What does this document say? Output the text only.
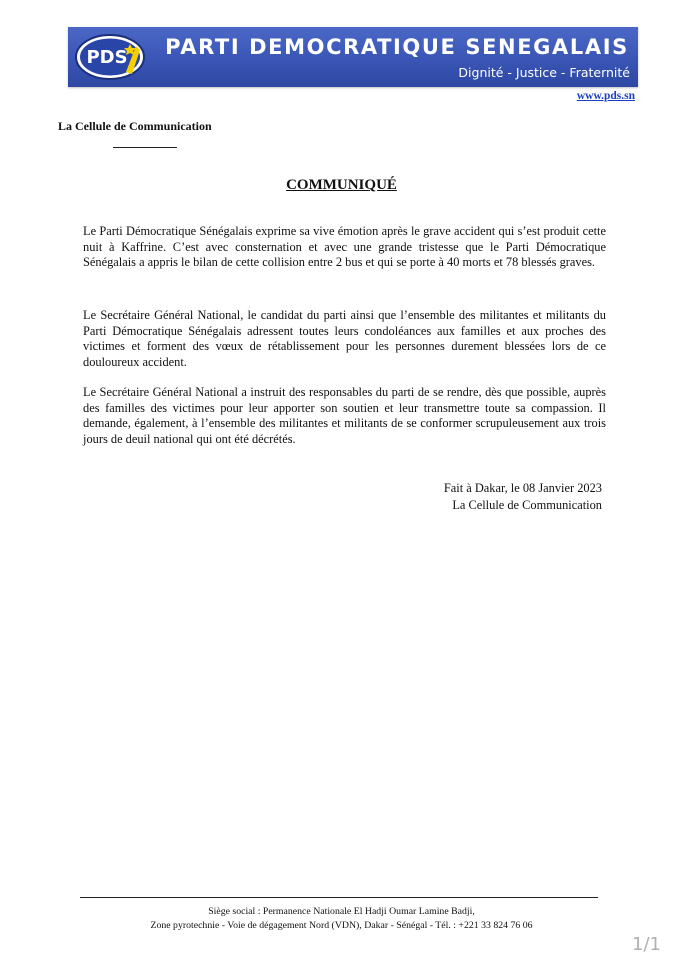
PDS PARTI DEMOCRATIQUE SENEGALAIS
Dignité - Justice - Fraternité
www.pds.sn
La Cellule de Communication
COMMUNIQUÉ

Le Parti Démocratique Sénégalais exprime sa vive émotion après le grave accident qui s’est produit cette nuit à Kaffrine. C’est avec consternation et avec une grande tristesse que le Parti Démocratique Sénégalais a appris le bilan de cette collision entre 2 bus et qui se porte à 40 morts et 78 blessés graves.

Le Secrétaire Général National, le candidat du parti ainsi que l’ensemble des militantes et militants du Parti Démocratique Sénégalais adressent toutes leurs condoléances aux familles et aux proches des victimes et forment des vœux de rétablissement pour les personnes durement blessées lors de ce douloureux accident.

Le Secrétaire Général National a instruit des responsables du parti de se rendre, dès que possible, auprès des familles des victimes pour leur apporter son soutien et leur transmettre toute sa compassion. Il demande, également, à l’ensemble des militantes et militants de se conformer scrupuleusement aux trois jours de deuil national qui ont été décrétés.

Fait à Dakar, le 08 Janvier 2023
La Cellule de Communication
Siège social : Permanence Nationale El Hadji Oumar Lamine Badji,
Zone pyrotechnie - Voie de dégagement Nord (VDN), Dakar - Sénégal - Tél. : +221 33 824 76 06
1/1
